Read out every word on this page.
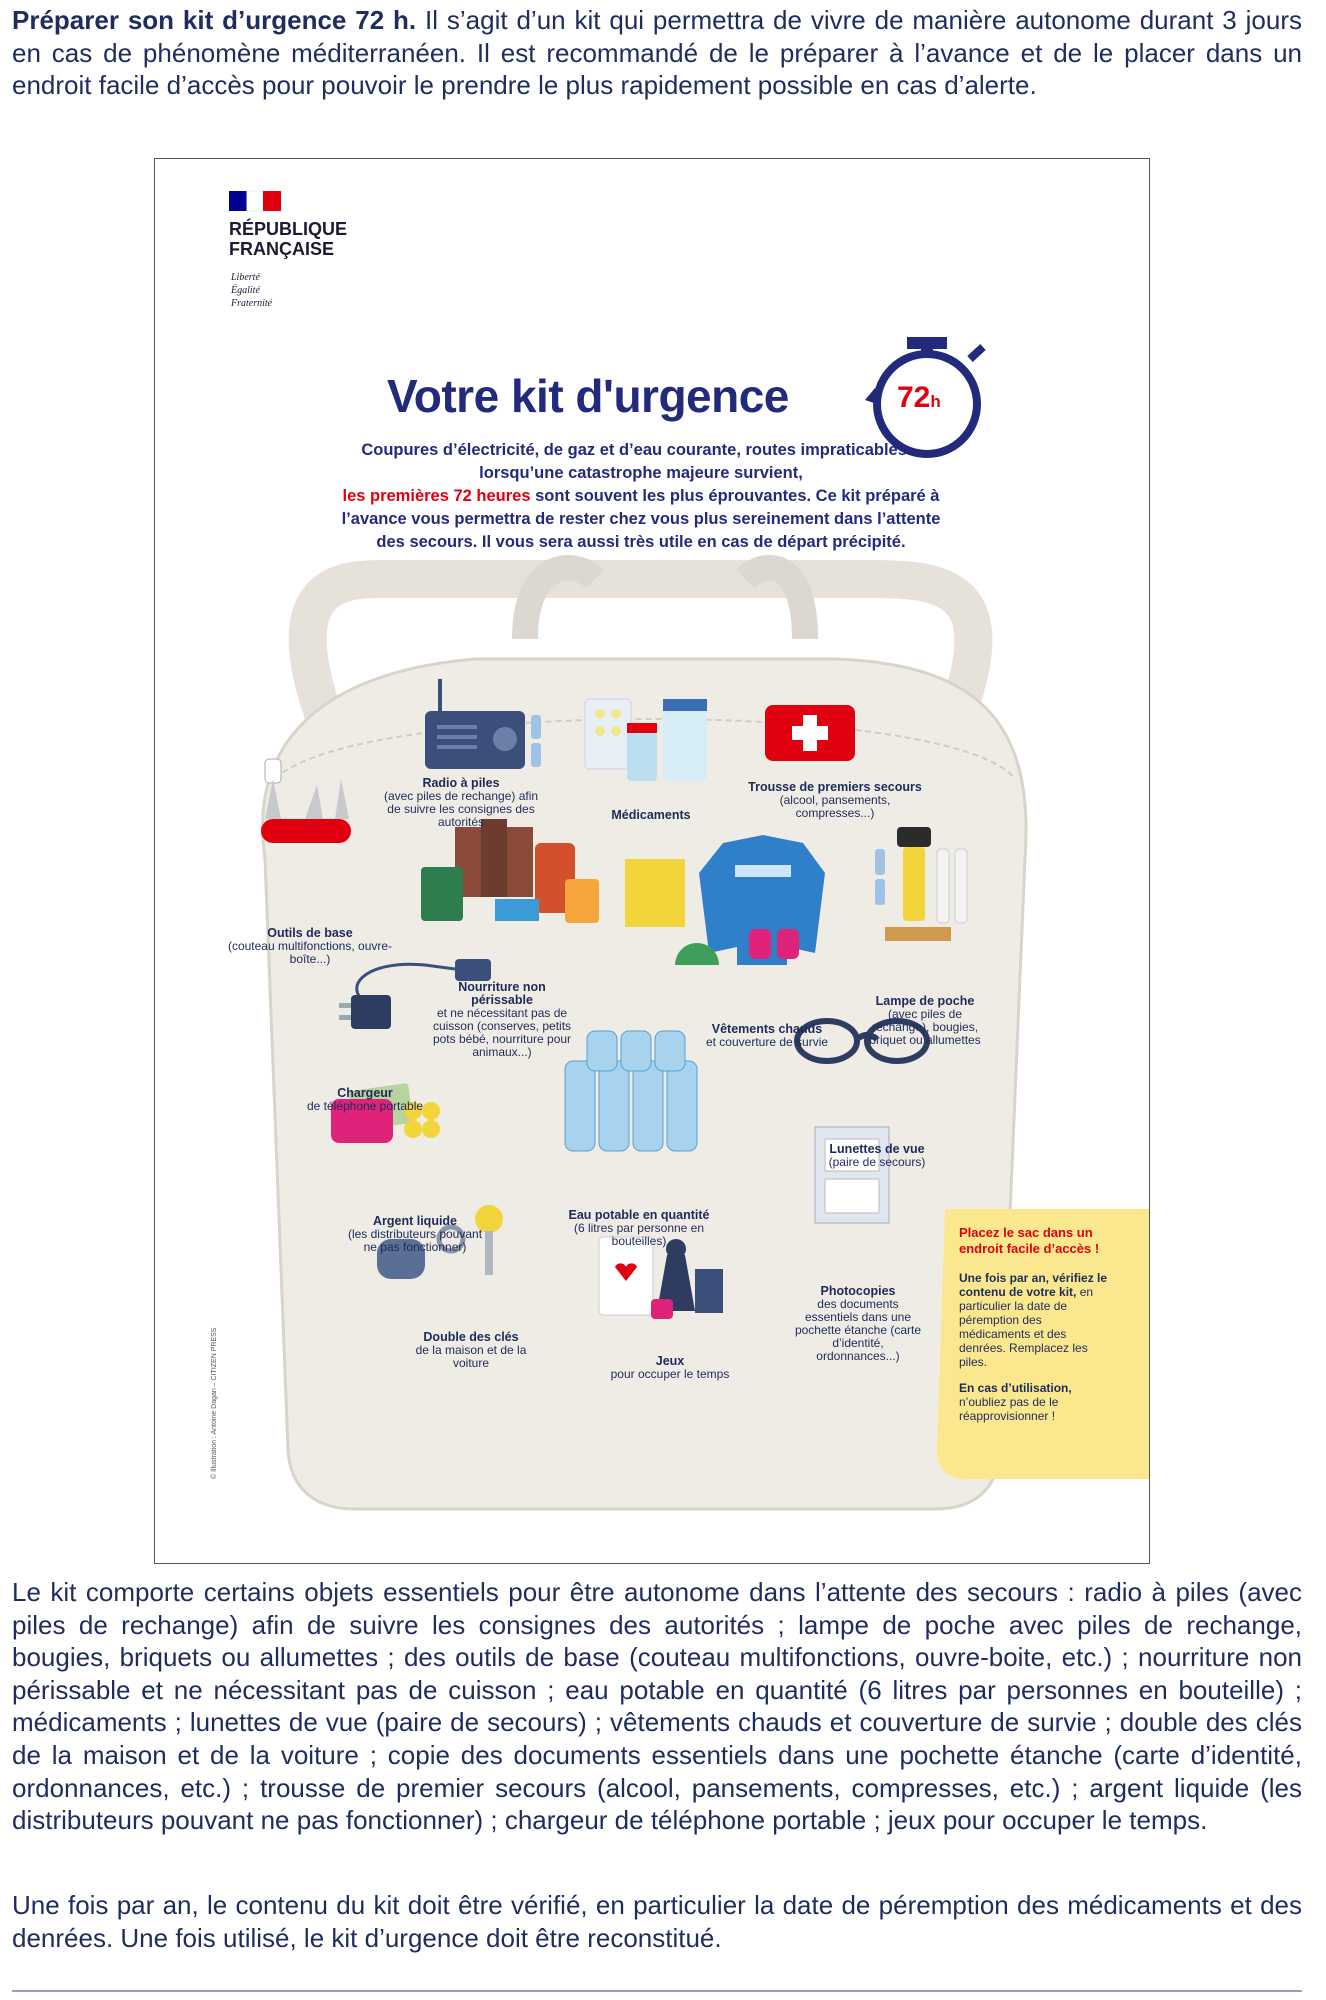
Préparer son kit d’urgence 72 h. Il s’agit d’un kit qui permettra de vivre de manière autonome durant 3 jours en cas de phénomène méditerranéen. Il est recommandé de le préparer à l’avance et de le placer dans un endroit facile d’accès pour pouvoir le prendre le plus rapidement possible en cas d’alerte.

RÉPUBLIQUE
FRANÇAISE
Liberté
Égalité
Fraternité
Votre kit d'urgence	72h
Coupures d’électricité, de gaz et d’eau courante, routes impraticables... lorsqu’une catastrophe majeure survient,
les premières 72 heures sont souvent les plus éprouvantes. Ce kit préparé à l’avance vous permettra de rester chez vous plus sereinement dans l’attente des secours. Il vous sera aussi très utile en cas de départ précipité.
Radio à piles
(avec piles de rechange) afin de suivre les consignes des autorités	Médicaments
Trousse de premiers secours
(alcool, pansements, compresses...)
Outils de base
(couteau multifonctions, ouvre-boîte...)
Nourriture non périssable
et ne nécessitant pas de cuisson (conserves, petits pots bébé, nourriture pour animaux...)
Vêtements chauds
et couverture de survie
Lampe de poche
(avec piles de rechange), bougies, briquet ou allumettes
Chargeur
de téléphone portable
Eau potable en quantité
(6 litres par personne en bouteilles)
Lunettes de vue
(paire de secours)
Argent liquide
(les distributeurs pouvant ne pas fonctionner)
Photocopies
des documents essentiels dans une pochette étanche (carte d’identité, ordonnances...)
Double des clés
de la maison et de la voiture	Jeux
pour occuper le temps
Placez le sac dans un endroit facile d’accès !
Une fois par an, vérifiez le contenu de votre kit, en particulier la date de péremption des médicaments et des denrées. Remplacez les piles.
En cas d’utilisation, n’oubliez pas de le réapprovisionner !
© Illustration : Antoine Dagan – CITIZEN PRESS

Le kit comporte certains objets essentiels pour être autonome dans l’attente des secours : radio à piles (avec piles de rechange) afin de suivre les consignes des autorités ; lampe de poche avec piles de rechange, bougies, briquets ou allumettes ; des outils de base (couteau multifonctions, ouvre-boite, etc.) ; nourriture non périssable et ne nécessitant pas de cuisson ; eau potable en quantité (6 litres par personnes en bouteille) ; médicaments ; lunettes de vue (paire de secours) ; vêtements chauds et couverture de survie ; double des clés de la maison et de la voiture ; copie des documents essentiels dans une pochette étanche (carte d’identité, ordonnances, etc.) ; trousse de premier secours (alcool, pansements, compresses, etc.) ; argent liquide (les distributeurs pouvant ne pas fonctionner) ; chargeur de téléphone portable ; jeux pour occuper le temps.

Une fois par an, le contenu du kit doit être vérifié, en particulier la date de péremption des médicaments et des denrées. Une fois utilisé, le kit d’urgence doit être reconstitué.
